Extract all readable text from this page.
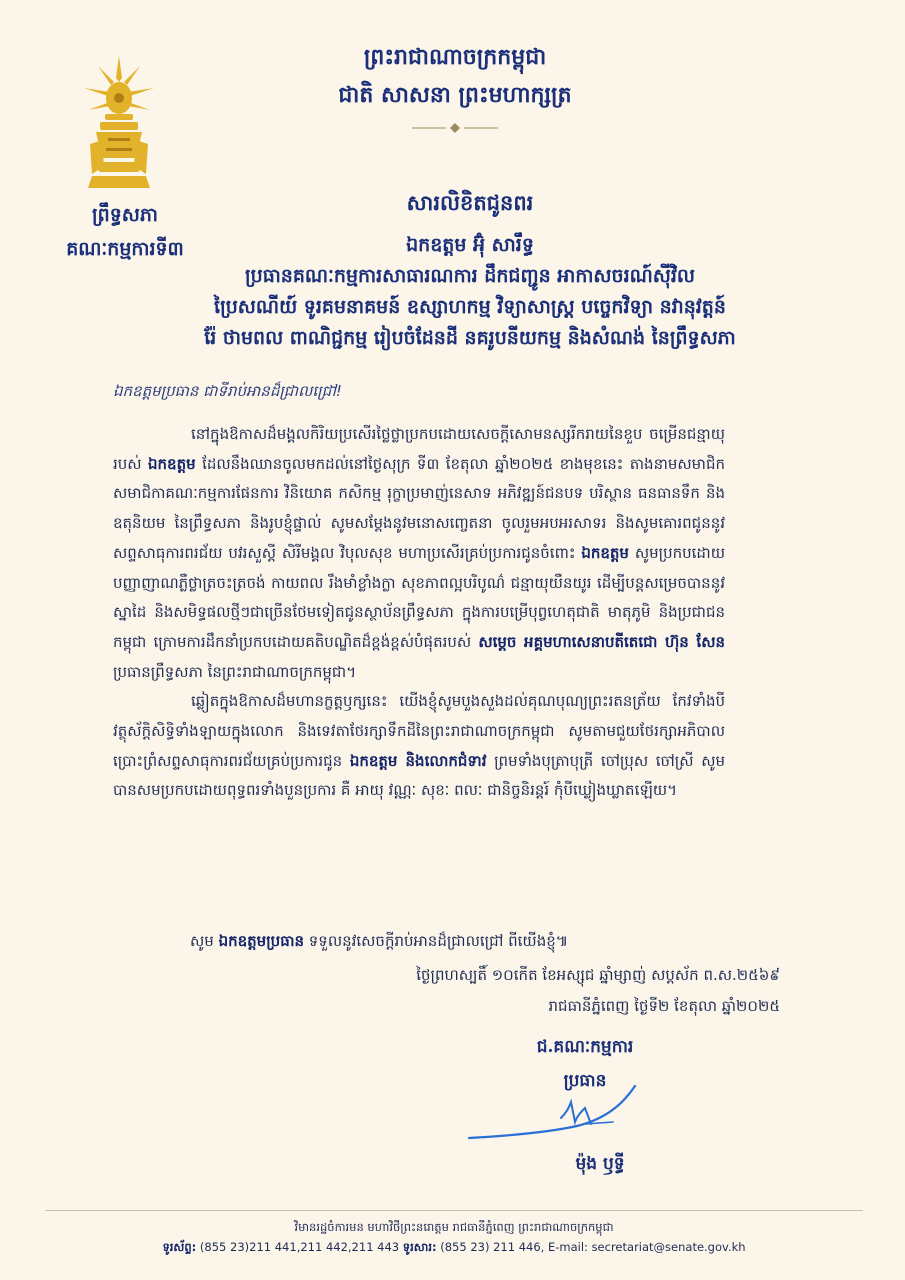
ព្រឹទ្ធសភា
គណៈកម្មការទី៣
ព្រះរាជាណាចក្រកម្ពុជា
ជាតិ សាសនា ព្រះមហាក្សត្រ
សារលិខិតជូនពរ
ឯកឧត្តម អ៊ុំ សារឹទ្ធ
ប្រធានគណៈកម្មការសាធារណការ ដឹកជញ្ជូន អាកាសចរណ៍ស៊ីវិល
ប្រៃសណីយ៍ ទូរគមនាគមន៍ ឧស្សាហកម្ម វិទ្យាសាស្ត្រ បច្ចេកវិទ្យា នវានុវត្តន៍
រ៉ែ ថាមពល ពាណិជ្ជកម្ម រៀបចំដែនដី នគរូបនីយកម្ម និងសំណង់ នៃព្រឹទ្ធសភា
ឯកឧត្តមប្រធាន ជាទីរាប់អានដ៏ជ្រាលជ្រៅ!

នៅក្នុងឱកាសដ៏មង្គលកិរិយប្រសើរថ្លៃថ្លាប្រកបដោយសេចក្ដីសោមនស្សរីករាយនៃខួប ចម្រើនជន្មាយុរបស់ ឯកឧត្តម ដែលនឹងឈានចូលមកដល់នៅថ្ងៃសុក្រ ទី៣ ខែតុលា ឆ្នាំ២០២៥ ខាងមុខនេះ តាងនាមសមាជិក សមាជិកាគណៈកម្មការផែនការ វិនិយោគ កសិកម្ម រុក្ខាប្រមាញ់នេសាទ អភិវឌ្ឍន៍ជនបទ បរិស្ថាន ធនធានទឹក និងឧតុនិយម នៃព្រឹទ្ធសភា និងរូបខ្ញុំផ្ទាល់ សូមសម្ដែងនូវមនោសញ្ចេតនា ចូលរួមអបអរសាទរ និងសូមគោរពជូននូវសព្ទសាធុការពរជ័យ បវរសួស្ដី សិរីមង្គល វិបុលសុខ មហាប្រសើរគ្រប់ប្រការជូនចំពោះ ឯកឧត្តម សូមប្រកបដោយបញ្ញាញាណភ្លឺថ្លាត្រចះត្រចង់ កាយពល រឹងមាំខ្លាំងក្លា សុខភាពល្អបរិបូណ៌ ជន្មាយុយឺនយូរ ដើម្បីបន្តសម្រេចបាននូវស្នាដៃ និងសមិទ្ធផលថ្មីៗជាច្រើនថែមទៀតជូនស្ថាប័នព្រឹទ្ធសភា ក្នុងការបម្រើបុព្វហេតុជាតិ មាតុភូមិ និងប្រជាជនកម្ពុជា ក្រោមការដឹកនាំប្រកបដោយគតិបណ្ឌិតដ៏ខ្ពង់ខ្ពស់បំផុតរបស់ សម្ដេច អគ្គមហាសេនាបតីតេជោ ហ៊ុន សែន ប្រធានព្រឹទ្ធសភា នៃព្រះរាជាណាចក្រកម្ពុជា។

ឆ្លៀតក្នុងឱកាសដ៏មហានក្ខត្តឫក្សនេះ យើងខ្ញុំសូមបួងសួងដល់គុណបុណ្យព្រះរតនត្រ័យ កែវទាំងបី វត្ថុស័ក្ដិសិទ្ធិទាំងឡាយក្នុងលោក និងទេវតាថែរក្សាទឹកដីនៃព្រះរាជាណាចក្រកម្ពុជា សូមតាមជួយថែរក្សាអភិបាលប្រោះព្រំសព្ទសាធុការពរជ័យគ្រប់ប្រការជូន ឯកឧត្តម និងលោកជំទាវ ព្រមទាំងបុត្រាបុត្រី ចៅប្រុស ចៅស្រី សូមបានសមប្រកបដោយពុទ្ធពរទាំងបួនប្រការ គឺ អាយុ វណ្ណៈ សុខៈ ពលៈ ជានិច្ចនិរន្តរ៍ កុំបីឃ្លៀងឃ្លាតឡើយ។

សូម ឯកឧត្តមប្រធាន ទទួលនូវសេចក្ដីរាប់អានដ៏ជ្រាលជ្រៅ ពីយើងខ្ញុំ៕
ថ្ងៃព្រហស្បតិ៍ ១០កើត ខែអស្សុជ ឆ្នាំម្សាញ់ សប្តស័ក ព.ស.២៥៦៩
រាជធានីភ្នំពេញ ថ្ងៃទី២ ខែតុលា ឆ្នាំ២០២៥
ជ.គណៈកម្មការ
ប្រធាន
ម៉ុង ឫទ្ធី
វិមានរដ្ឋចំការមន មហាវិថីព្រះនរោត្តម រាជធានីភ្នំពេញ ព្រះរាជាណាចក្រកម្ពុជា
ទូរស័ព្ទ: (855 23)211 441,211 442,211 443 ទូរសារ: (855 23) 211 446, E-mail: secretariat@senate.gov.kh
